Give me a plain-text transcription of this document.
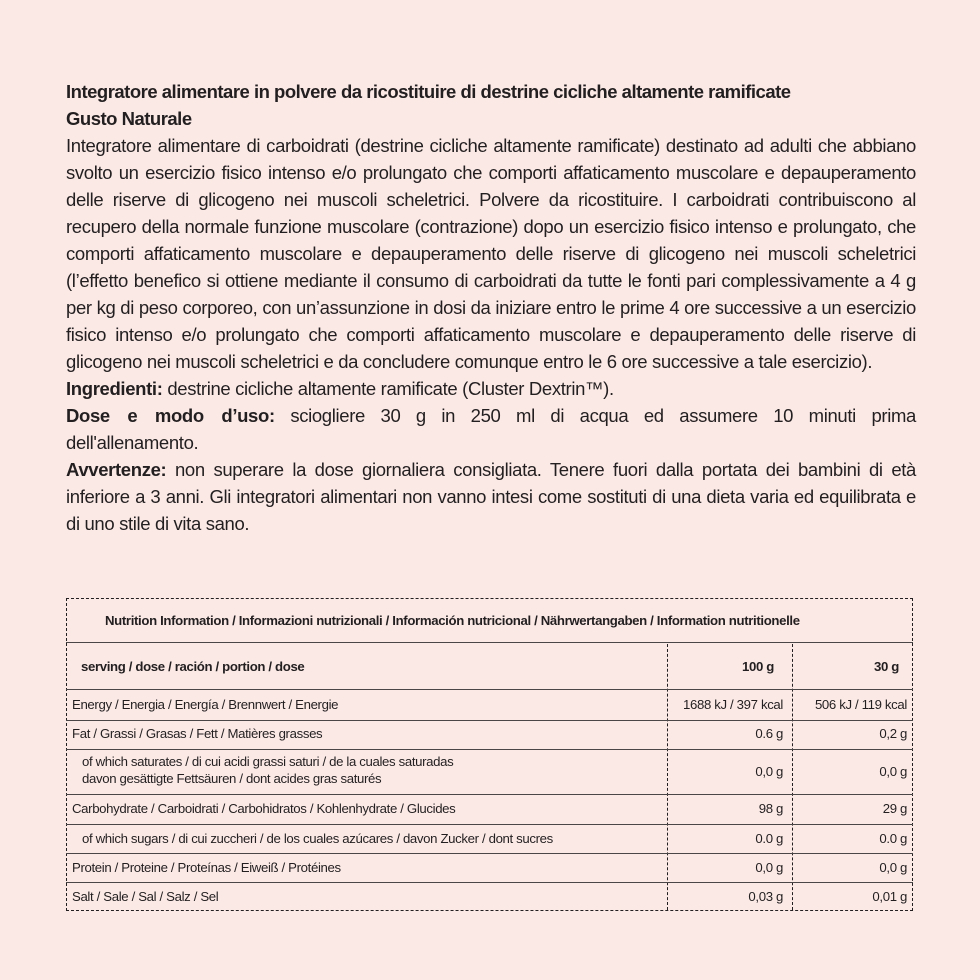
Integratore alimentare in polvere da ricostituire di destrine cicliche altamente ramificate

Gusto Naturale

Integratore alimentare di carboidrati (destrine cicliche altamente ramificate) destinato ad adulti che abbiano svolto un esercizio fisico intenso e/o prolungato che comporti affaticamento muscolare e depauperamento delle riserve di glicogeno nei muscoli scheletrici. Polvere da ricostituire. I carboidrati contribuiscono al recupero della normale funzione muscolare (contrazione) dopo un esercizio fisico intenso e prolungato, che comporti affaticamento muscolare e depauperamento delle riserve di glicogeno nei muscoli scheletrici (l’effetto benefico si ottiene mediante il consumo di carboidrati da tutte le fonti pari complessivamente a 4 g per kg di peso corporeo, con un’assunzione in dosi da iniziare entro le prime 4 ore successive a un esercizio fisico intenso e/o prolungato che comporti affaticamento muscolare e depauperamento delle riserve di glicogeno nei muscoli scheletrici e da concludere comunque entro le 6 ore successive a tale esercizio).

Ingredienti: destrine cicliche altamente ramificate (Cluster Dextrin™).

Dose e modo d’uso: sciogliere 30 g in 250 ml di acqua ed assumere 10 minuti prima dell'allenamento.

Avvertenze: non superare la dose giornaliera consigliata. Tenere fuori dalla portata dei bambini di età inferiore a 3 anni. Gli integratori alimentari non vanno intesi come sostituti di una dieta varia ed equilibrata e di uno stile di vita sano.

Nutrition Information / Informazioni nutrizionali / Información nutricional / Nährwertangaben / Information nutritionelle
serving / dose / ración / portion / dose	100 g	30 g
Energy / Energia / Energía / Brennwert / Energie	1688 kJ / 397 kcal	506 kJ / 119 kcal
Fat / Grassi / Grasas / Fett / Matières grasses	0.6 g	0,2 g
of which saturates / di cui acidi grassi saturi / de la cuales saturadas
davon gesättigte Fettsäuren / dont acides gras saturés	0,0 g	0,0 g
Carbohydrate / Carboidrati / Carbohidratos / Kohlenhydrate / Glucides	98 g	29 g
of which sugars / di cui zuccheri / de los cuales azúcares / davon Zucker / dont sucres	0.0 g	0.0 g
Protein / Proteine / Proteínas / Eiweiß / Protéines	0,0 g	0,0 g
Salt / Sale / Sal / Salz / Sel	0,03 g	0,01 g
